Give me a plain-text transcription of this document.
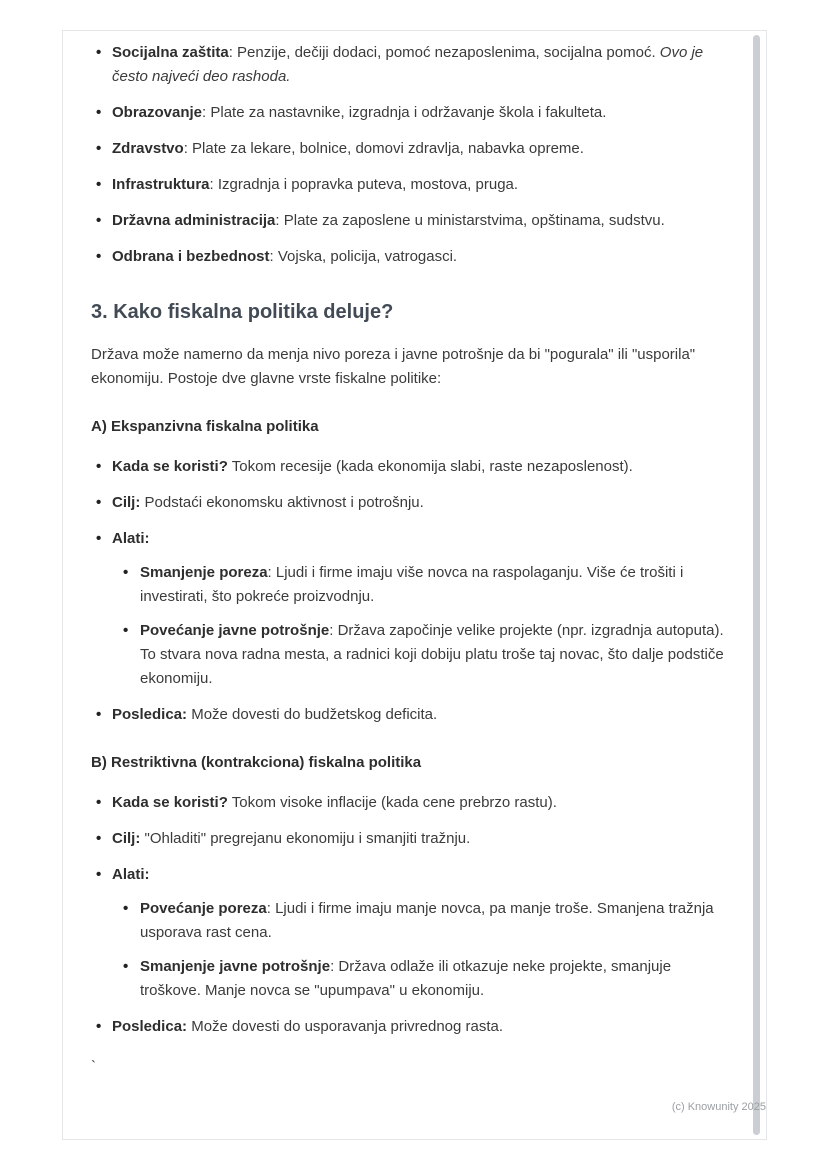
• Socijalna zaštita: Penzije, dečiji dodaci, pomoć nezaposlenima, socijalna pomoć. Ovo je često najveći deo rashoda.
• Obrazovanje: Plate za nastavnike, izgradnja i održavanje škola i fakulteta.
• Zdravstvo: Plate za lekare, bolnice, domovi zdravlja, nabavka opreme.
• Infrastruktura: Izgradnja i popravka puteva, mostova, pruga.
• Državna administracija: Plate za zaposlene u ministarstvima, opštinama, sudstvu.
• Odbrana i bezbednost: Vojska, policija, vatrogasci.
3. Kako fiskalna politika deluje?

Država može namerno da menja nivo poreza i javne potrošnje da bi "pogurala" ili "usporila" ekonomiju. Postoje dve glavne vrste fiskalne politike:

A) Ekspanzivna fiskalna politika

• Kada se koristi? Tokom recesije (kada ekonomija slabi, raste nezaposlenost).
• Cilj: Podstaći ekonomsku aktivnost i potrošnju.
• Alati:
• Smanjenje poreza: Ljudi i firme imaju više novca na raspolaganju. Više će trošiti i investirati, što pokreće proizvodnju.
• Povećanje javne potrošnje: Država započinje velike projekte (npr. izgradnja autoputa). To stvara nova radna mesta, a radnici koji dobiju platu troše taj novac, što dalje podstiče ekonomiju.
• Posledica: Može dovesti do budžetskog deficita.

B) Restriktivna (kontrakciona) fiskalna politika

• Kada se koristi? Tokom visoke inflacije (kada cene prebrzo rastu).
• Cilj: "Ohladiti" pregrejanu ekonomiju i smanjiti tražnju.
• Alati:
• Povećanje poreza: Ljudi i firme imaju manje novca, pa manje troše. Smanjena tražnja usporava rast cena.
• Smanjenje javne potrošnje: Država odlaže ili otkazuje neke projekte, smanjuje troškove. Manje novca se "upumpava" u ekonomiju.
• Posledica: Može dovesti do usporavanja privrednog rasta.

`

(c) Knowunity 2025
